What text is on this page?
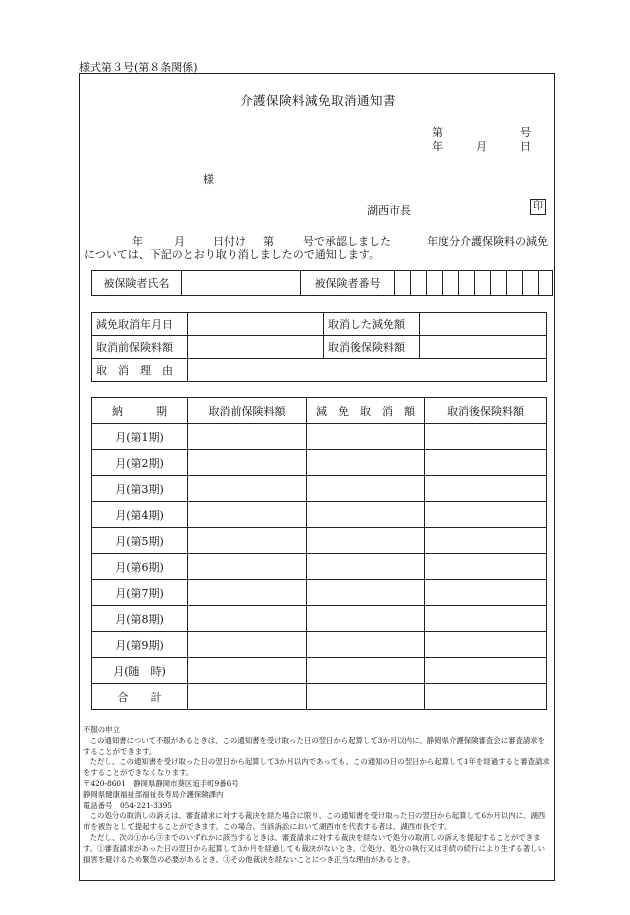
様式第３号(第８条関係)
介護保険料減免取消通知書
第	号
年	月	日
様
湖西市長	印
年	月	日付け 第	号で承認しました	年度分介護保険料の減免
については、下記のとおり取り消しましたので通知します。
被保険者氏名		被保険者番号										
減免取消年月日		取消した減免額	
取消前保険料額		取消後保険料額	
取　消　理　由			
納　　　期	取消前保険料額	減　免　取　消　額	取消後保険料額
月(第1期)			
月(第2期)			
月(第3期)			
月(第4期)			
月(第5期)			
月(第6期)			
月(第7期)			
月(第8期)			
月(第9期)			
月(随　時)			
合　　計			

不服の申立

この通知書について不服があるときは、この通知書を受け取った日の翌日から起算して3か月以内に、静岡県介護保険審査会に審査請求をすることができます。

ただし、この通知書を受け取った日の翌日から起算して3か月以内であっても、この通知の日の翌日から起算して1年を経過すると審査請求をすることができなくなります。

〒420-8601　静岡県静岡市葵区追手町9番6号

静岡県健康福祉部福祉長寿局介護保険課内

電話番号　054-221-3395

この処分の取消しの訴えは、審査請求に対する裁決を経た場合に限り、この通知書を受け取った日の翌日から起算して6か月以内に、湖西市を被告として提起することができます。この場合、当該訴訟において湖西市を代表する者は、湖西市長です。

ただし、次の①から③までのいずれかに該当するときは、審査請求に対する裁決を経ないで処分の取消しの訴えを提起することができます。①審査請求があった日の翌日から起算して3か月を経過しても裁決がないとき、②処分、処分の執行又は手続の続行により生ずる著しい損害を避けるため緊急の必要があるとき、③その他裁決を経ないことにつき正当な理由があるとき。
